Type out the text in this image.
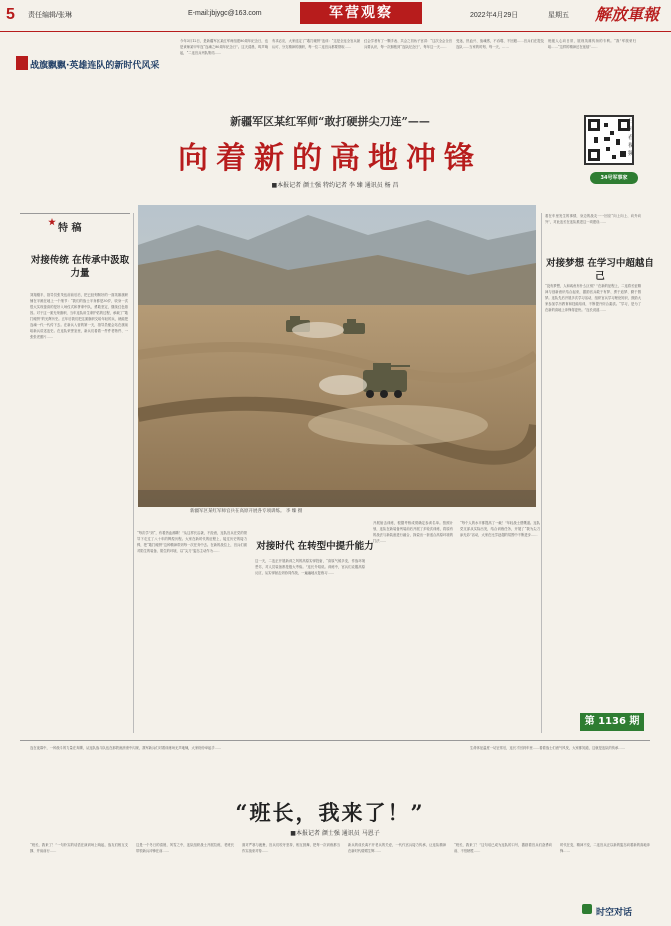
5 责任编辑/张琳	E-mail:jbjygc@163.com	军营观察	2022年4月29日	星期五 解放軍報
战旗飘飘·英雄连队的新时代风采
今年3月12日，是新疆军区某红军师组建80周年纪念日，也是该师某甲车连“连魂之80周年纪念日”。这天清晨，鸣声响起，“二连官兵列队集结……
有求必应，大家选定了“敢打硬拼”连训：“这是全连全官兵最认可、分支精神的旗帜，每一位二连官兵都要领取……
红会学者有了一颗手表、共会之初孩子宫讲：“这次全会全官兵要认识，每一次拥抱到“连队纪念日”，每年这一天……
受迷，热血兴、战魂感，不吞噬、不回避……官兵们在提及连队……当家的时刻、每一天，……
班级人心向日常，展现英雄传扬的专利。“我”军旅荣归给……“这样的精神还在延续”……
新疆军区某红军师“敢打硬拼尖刀连”——
向着新的高地冲锋
■本报记者 颜士强 特约记者 李 臻 通讯员 杨 昌
扫码看视频
34号军事家
特 稿
新疆军区某红军师官兵在高原开展各专项训练。 李 臻 摄
对接传统 在传承中汲取力量
对接时代 在转型中提升能力
对接梦想 在学习中超越自己
刘翔刚半，指导员张茂伍前前后后，把已经刻制好的一面英雄旗帜铺在半跪在地上一个细节：“我们的战士半身都是30岁，收身一次很大实现蛮高的是好入场仪式和拼命中队，勇敢坚定，继续红色基因。对于这一面光荣旗帜，当年连队用生命护佑的过程，承载了“敢打硬拼”的光辉历史。五年后我们把这面旗帜交给年轻的兵，就能把连魂一代一代传下去。在新兵入营的第一天，指导员便会站在旗前给新兵讲述连史。在连队荣誉室里，新兵们看着一件件老物件、一张张老照片……
“每次学”到“，有着热血沸腾！”从这样长沿袭，不经意，连队官兵在党的领导下走过了八十年的辉煌历程。大家在新时代的征程上，接过历史的接力棒，把“敢打硬拼”这种精神带到每一次任务中去。在新的战位上，官兵们面对陌生的装备、陌生的环境，以“尖刀”姿态主动作为……
这一天，二连正开展新训之风的高原实弹投射，“高原气候多变，作战环境恶劣，对人员装备都是极大考验。”连长介绍说。训练中，官兵们克服高原反应，从实弹射击到协同作战，一遍遍地反复练习……
开展射击训练，根据考核成绩确定参训名单。按照计划，连队在新装备列装前后开展了多轮次训练，将原有的战法与新装备进行融合，探索出一套适合高原环境的打法……
“每个人的水平都提高了一截！”年轻战士感慨道。连队党支部从实际出发，结合训练任务，开展了“我为尖刀添光彩”活动，大家在比学赶超的氛围中不断进步……
看在车里发生的事情，身边的战友一一回应“向上向上、向外向外”，对此连长在连队推进这一项建设……
“没有梦想，人和咸鱼有什么区别？”在新的征程上，二连将长征精神与创新意识结合起来，激励官兵敢于有梦、勇于追梦、勤于圆梦。连队先后开展多次学习活动，组织官兵学习理论知识，鼓励大家参加学历教育和技能培训，不断提升综合素质。“学习，是为了在新的高地上冲锋得更快。”连长说道……
第 1136 期
连在夜幕中，一种战斗的力量在奔腾，从连队战斗队伍在那铁流滚滚中闪现，我军新兵们对着训练场无声地喊，大家纷纷举起手……	生命体征温度一切正常后，连长才回到车里……看着战士们意气风发，大家都知道，这就是连队的传承……
“班长，我来了！”
■本报记者 颜士强 通讯员 马恩子
“班长，我来了！”一句朴实的话语在演训场上响起，战友们相互支撑、并肩前行……
这是一个冬日的清晨，风雪之中，连队组织战士开展拉练，老班长带领新兵冲锋在前……
面对严寒与疲惫，官兵们咬牙坚持，相互鼓舞，把每一次训练都当作实战来对待……
新兵的成长离不开老兵的关爱，一代代官兵接力传承，让连队精神在新时代熠熠生辉……
“班长，我来了！”这句话已成为连队的口号，激励着官兵们奋勇向前、不怕牺牲……
时代在变，精神不变，二连官兵正以新的姿态向着新的高地冲锋……
时空对话
